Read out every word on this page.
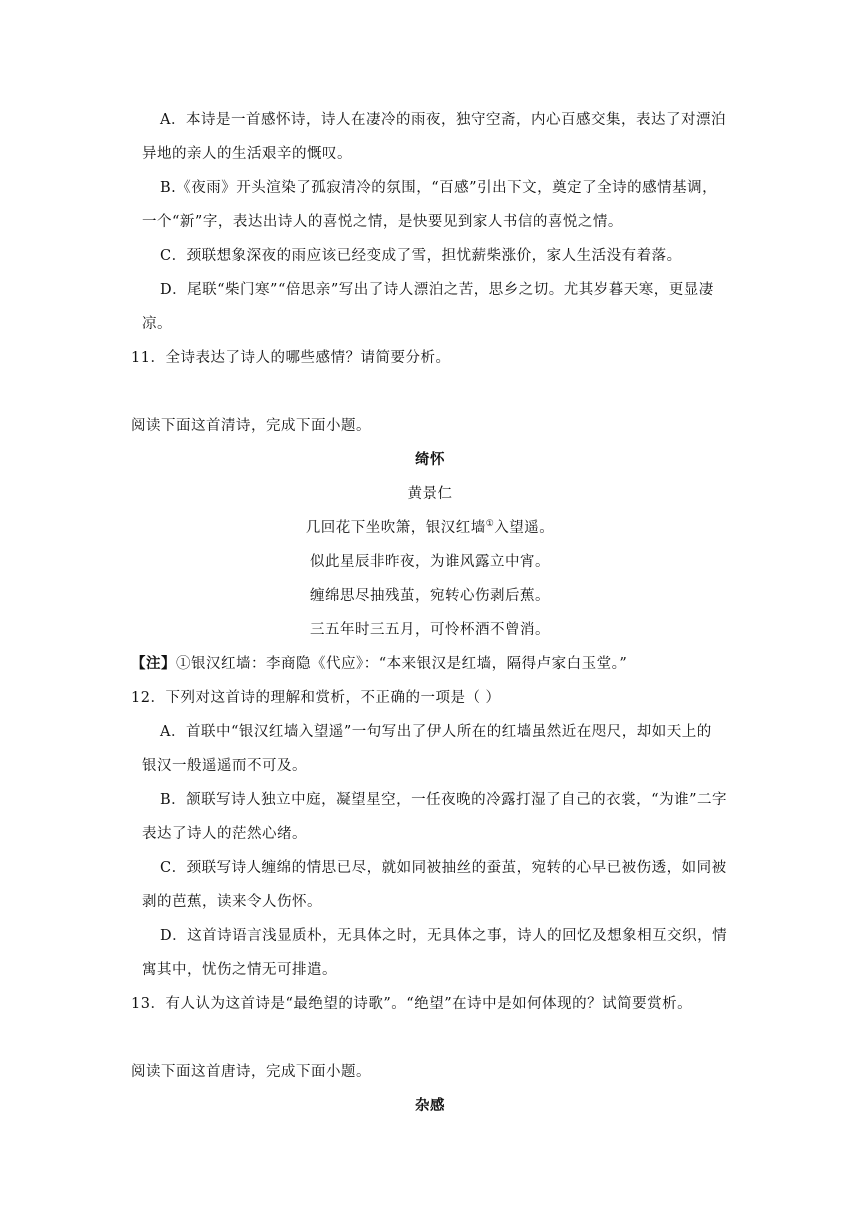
A．本诗是一首感怀诗，诗人在凄冷的雨夜，独守空斋，内心百感交集，表达了对漂泊
异地的亲人的生活艰辛的慨叹。
B.《夜雨》开头渲染了孤寂清冷的氛围，“百感”引出下文，奠定了全诗的感情基调，
一个“新”字，表达出诗人的喜悦之情，是快要见到家人书信的喜悦之情。
C．颈联想象深夜的雨应该已经变成了雪，担忧薪柴涨价，家人生活没有着落。
D．尾联“柴门寒”“倍思亲”写出了诗人漂泊之苦，思乡之切。尤其岁暮天寒，更显凄
凉。
11．全诗表达了诗人的哪些感情？请简要分析。
阅读下面这首清诗，完成下面小题。
绮怀
黄景仁
几回花下坐吹箫，银汉红墙①入望遥。
似此星辰非昨夜，为谁风露立中宵。
缠绵思尽抽残茧，宛转心伤剥后蕉。
三五年时三五月，可怜杯酒不曾消。
【注】①银汉红墙：李商隐《代应》：“本来银汉是红墙，隔得卢家白玉堂。”
12．下列对这首诗的理解和赏析，不正确的一项是（ ）
A．首联中“银汉红墙入望遥”一句写出了伊人所在的红墙虽然近在咫尺，却如天上的
银汉一般遥遥而不可及。
B．颔联写诗人独立中庭，凝望星空，一任夜晚的冷露打湿了自己的衣裳，“为谁”二字
表达了诗人的茫然心绪。
C．颈联写诗人缠绵的情思已尽，就如同被抽丝的蚕茧，宛转的心早已被伤透，如同被
剥的芭蕉，读来令人伤怀。
D．这首诗语言浅显质朴，无具体之时，无具体之事，诗人的回忆及想象相互交织，情
寓其中，忧伤之情无可排遣。
13．有人认为这首诗是“最绝望的诗歌”。“绝望”在诗中是如何体现的？试简要赏析。
阅读下面这首唐诗，完成下面小题。
杂感
